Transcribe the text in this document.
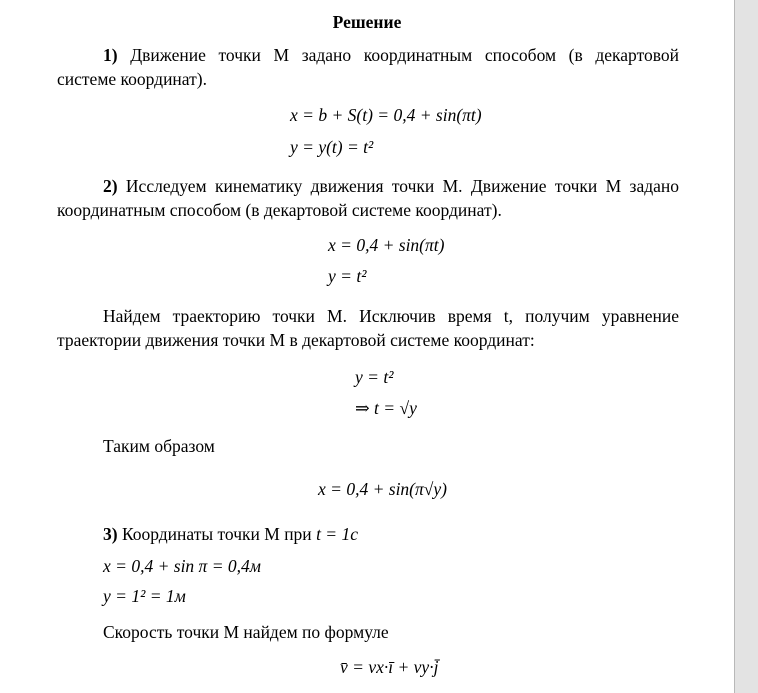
Решение
1) Движение точки М задано координатным способом (в декартовой
системе координат).
x = b + S(t) = 0,4 + sin(πt)
y = y(t) = t²
2) Исследуем кинематику движения точки М. Движение точки М задано
координатным способом (в декартовой системе координат).
x = 0,4 + sin(πt)
y = t²
Найдем траекторию точки М. Исключив время t, получим уравнение
траектории движения точки М в декартовой системе координат:
y = t²
⇒ t = √y
Таким образом
x = 0,4 + sin(π√y)
3) Координаты точки М при t = 1c
x = 0,4 + sin π = 0,4м
y = 1² = 1м
Скорость точки М найдем по формуле
v̄ = vx·ī + vy·j̄
